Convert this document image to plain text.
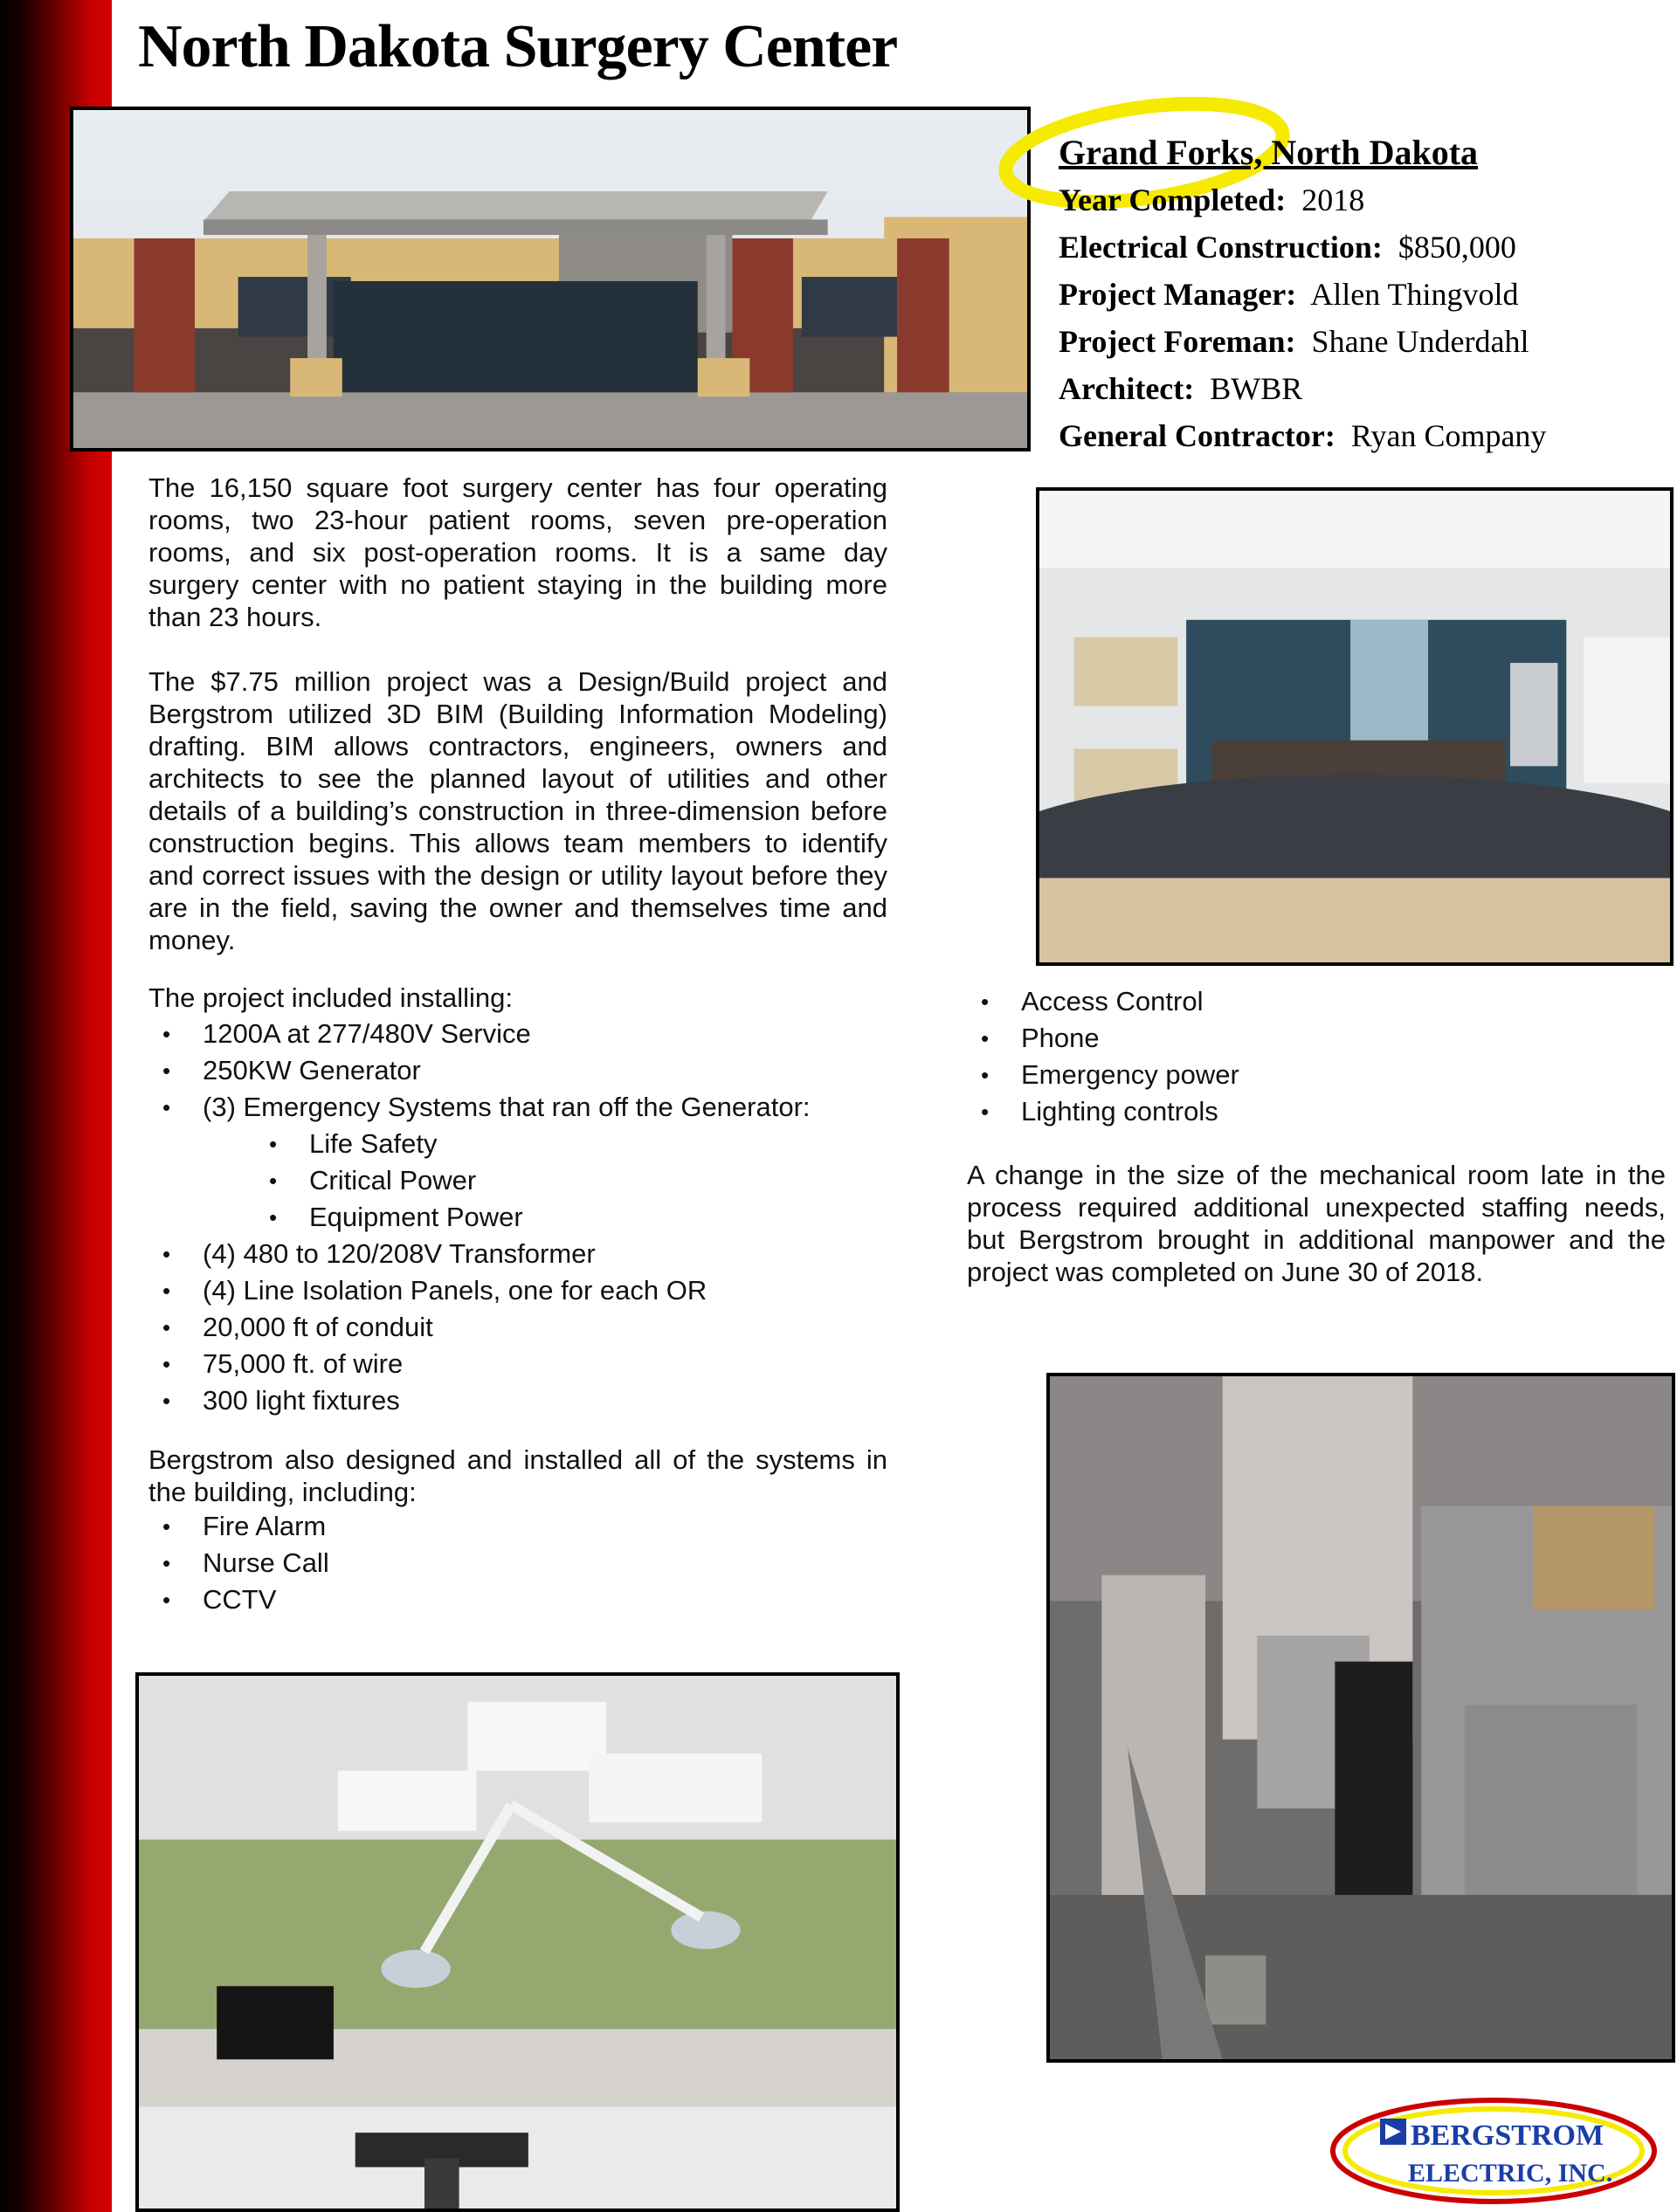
North Dakota Surgery Center
Grand Forks, North Dakota
Year Completed: 2018
Electrical Construction: $850,000
Project Manager: Allen Thingvold
Project Foreman: Shane Underdahl
Architect: BWBR
General Contractor: Ryan Company

The 16,150 square foot surgery center has four operating rooms, two 23-hour patient rooms, seven pre-operation rooms, and six post-operation rooms. It is a same day surgery center with no patient staying in the building more than 23 hours.

The $7.75 million project was a Design/Build project and Bergstrom utilized 3D BIM (Building Information Modeling) drafting. BIM allows contractors, engineers, owners and architects to see the planned layout of utilities and other details of a building’s construction in three-dimension before construction begins. This allows team members to identify and correct issues with the design or utility layout before they are in the field, saving the owner and themselves time and money.

The project included installing:
• 1200A at 277/480V Service
• 250KW Generator
• (3) Emergency Systems that ran off the Generator:
• Life Safety
• Critical Power
• Equipment Power
• (4) 480 to 120/208V Transformer
• (4) Line Isolation Panels, one for each OR
• 20,000 ft of conduit
• 75,000 ft. of wire
• 300 light fixtures

Bergstrom also designed and installed all of the systems in the building, including:

• Fire Alarm
• Nurse Call
• CCTV
• Access Control
• Phone
• Emergency power
• Lighting controls

A change in the size of the mechanical room late in the process required additional unexpected staffing needs, but Bergstrom brought in additional manpower and the project was completed on June 30 of 2018.

BERGSTROM
ELECTRIC, INC.
